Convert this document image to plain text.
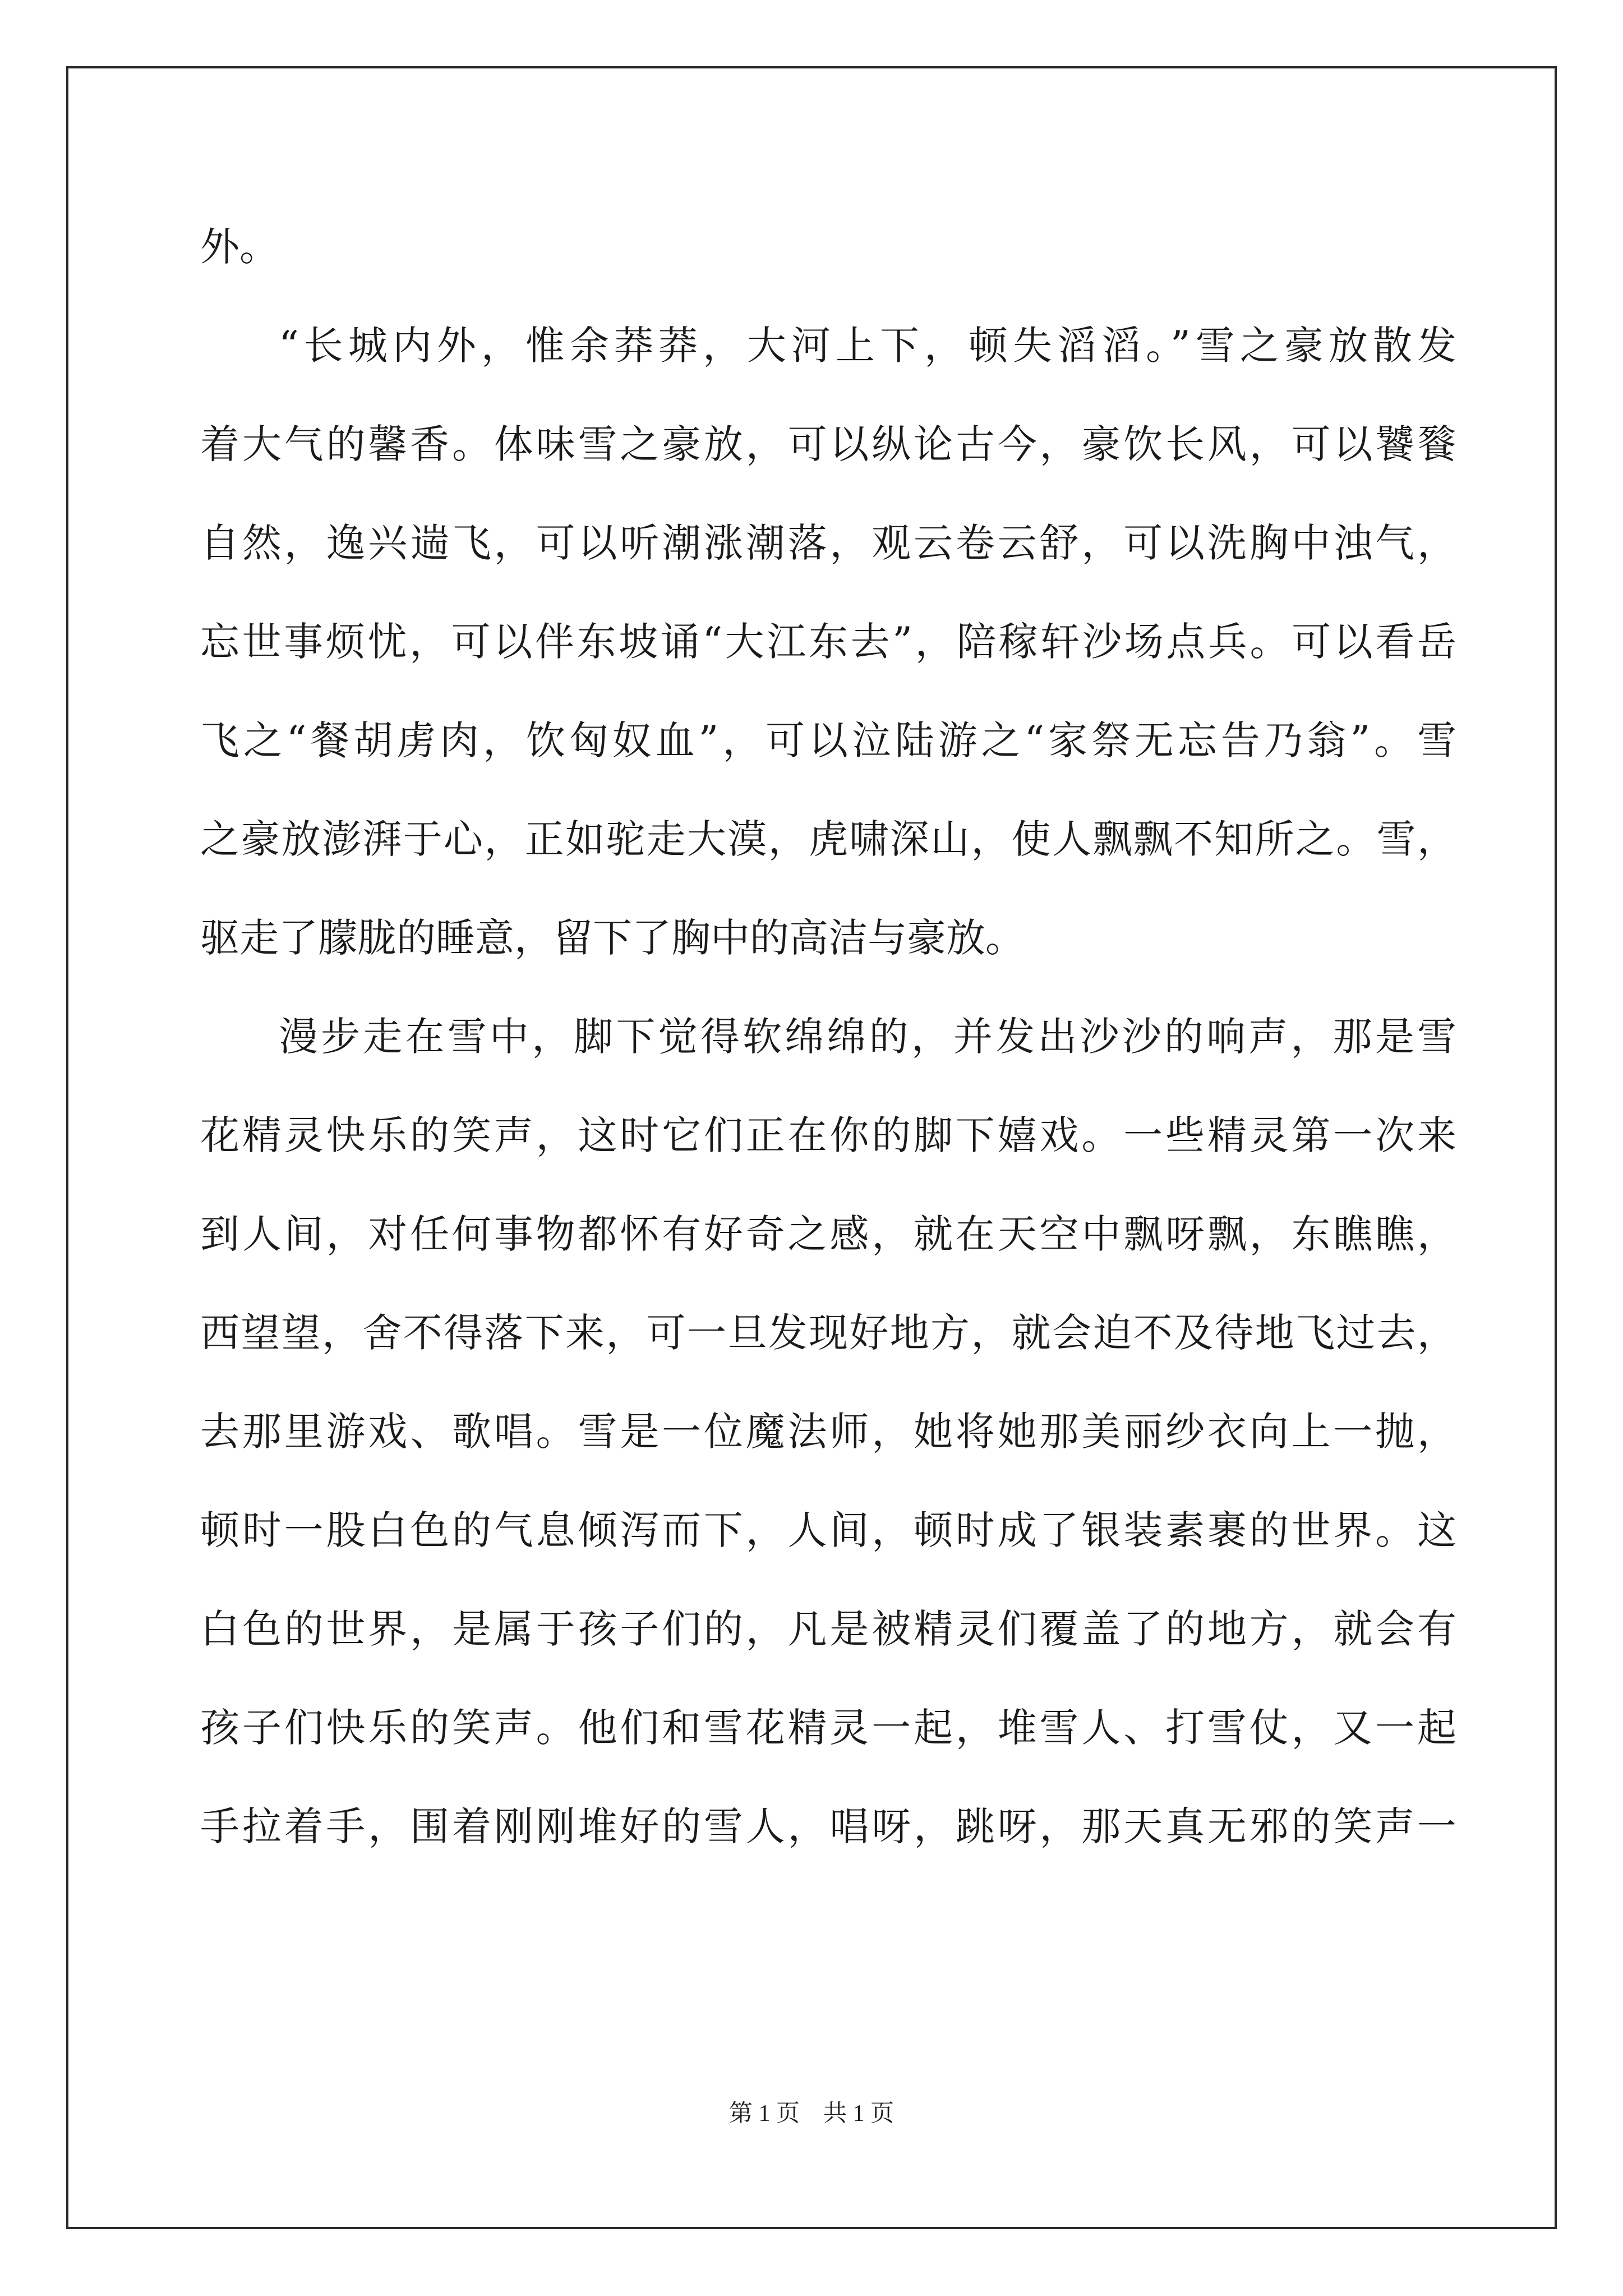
外。
“长城内外，惟余莽莽，大河上下，顿失滔滔。”雪之豪放散发
着大气的馨香。体味雪之豪放，可以纵论古今，豪饮长风，可以饕餮
自然，逸兴遄飞，可以听潮涨潮落，观云卷云舒，可以洗胸中浊气，
忘世事烦忧，可以伴东坡诵“大江东去”，陪稼轩沙场点兵。可以看岳
飞之“餐胡虏肉，饮匈奴血”，可以泣陆游之“家祭无忘告乃翁”。雪
之豪放澎湃于心，正如驼走大漠，虎啸深山，使人飘飘不知所之。雪，
驱走了朦胧的睡意，留下了胸中的高洁与豪放。
漫步走在雪中，脚下觉得软绵绵的，并发出沙沙的响声，那是雪
花精灵快乐的笑声，这时它们正在你的脚下嬉戏。一些精灵第一次来
到人间，对任何事物都怀有好奇之感，就在天空中飘呀飘，东瞧瞧，
西望望，舍不得落下来，可一旦发现好地方，就会迫不及待地飞过去，
去那里游戏、歌唱。雪是一位魔法师，她将她那美丽纱衣向上一抛，
顿时一股白色的气息倾泻而下，人间，顿时成了银装素裹的世界。这
白色的世界，是属于孩子们的，凡是被精灵们覆盖了的地方，就会有
孩子们快乐的笑声。他们和雪花精灵一起，堆雪人、打雪仗，又一起
手拉着手，围着刚刚堆好的雪人，唱呀，跳呀，那天真无邪的笑声一
第 1 页　共 1 页
